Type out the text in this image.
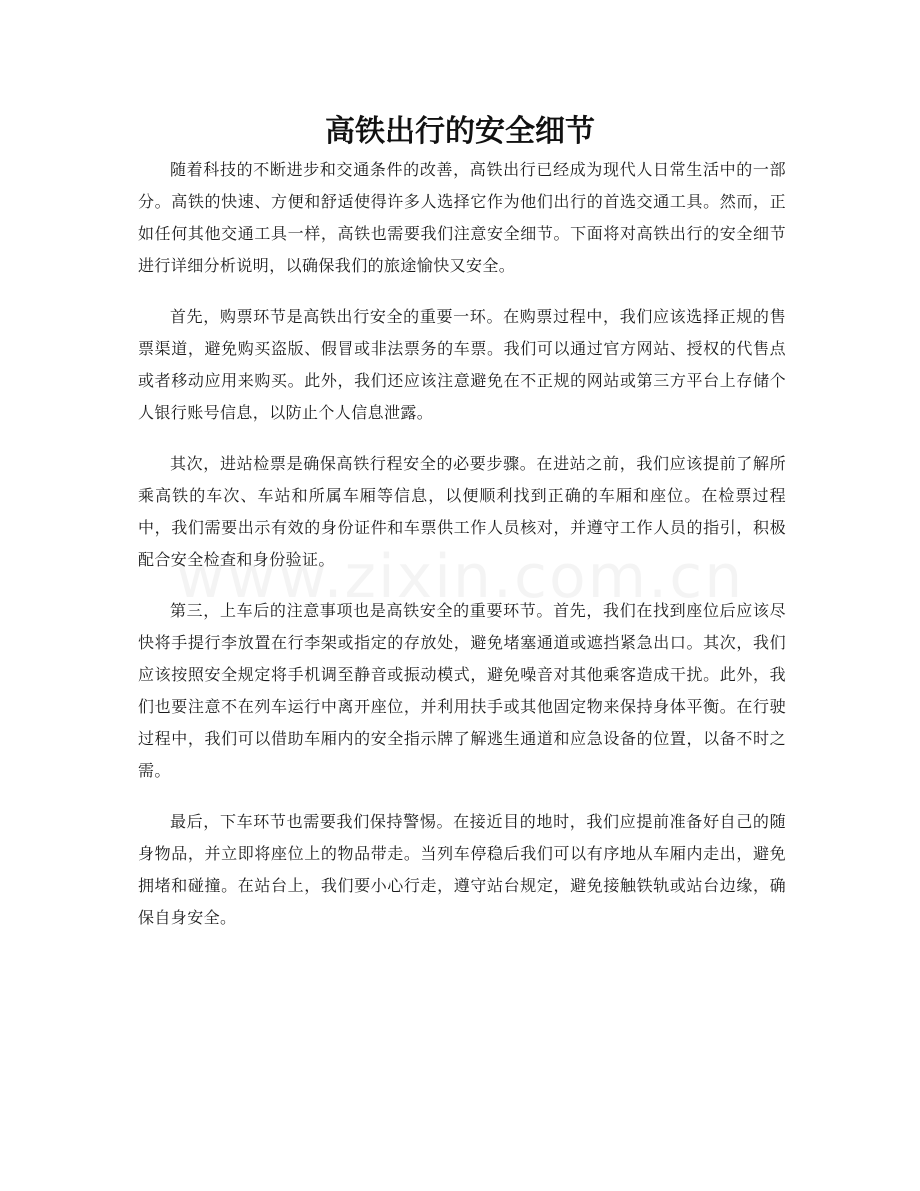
高铁出行的安全细节

随着科技的不断进步和交通条件的改善，高铁出行已经成为现代人日常生活中的一部分。高铁的快速、方便和舒适使得许多人选择它作为他们出行的首选交通工具。然而，正如任何其他交通工具一样，高铁也需要我们注意安全细节。下面将对高铁出行的安全细节进行详细分析说明，以确保我们的旅途愉快又安全。

首先，购票环节是高铁出行安全的重要一环。在购票过程中，我们应该选择正规的售票渠道，避免购买盗版、假冒或非法票务的车票。我们可以通过官方网站、授权的代售点或者移动应用来购买。此外，我们还应该注意避免在不正规的网站或第三方平台上存储个人银行账号信息，以防止个人信息泄露。

其次，进站检票是确保高铁行程安全的必要步骤。在进站之前，我们应该提前了解所乘高铁的车次、车站和所属车厢等信息，以便顺利找到正确的车厢和座位。在检票过程中，我们需要出示有效的身份证件和车票供工作人员核对，并遵守工作人员的指引，积极配合安全检查和身份验证。

第三，上车后的注意事项也是高铁安全的重要环节。首先，我们在找到座位后应该尽快将手提行李放置在行李架或指定的存放处，避免堵塞通道或遮挡紧急出口。其次，我们应该按照安全规定将手机调至静音或振动模式，避免噪音对其他乘客造成干扰。此外，我们也要注意不在列车运行中离开座位，并利用扶手或其他固定物来保持身体平衡。在行驶过程中，我们可以借助车厢内的安全指示牌了解逃生通道和应急设备的位置，以备不时之需。

最后，下车环节也需要我们保持警惕。在接近目的地时，我们应提前准备好自己的随身物品，并立即将座位上的物品带走。当列车停稳后我们可以有序地从车厢内走出，避免拥堵和碰撞。在站台上，我们要小心行走，遵守站台规定，避免接触铁轨或站台边缘，确保自身安全。
